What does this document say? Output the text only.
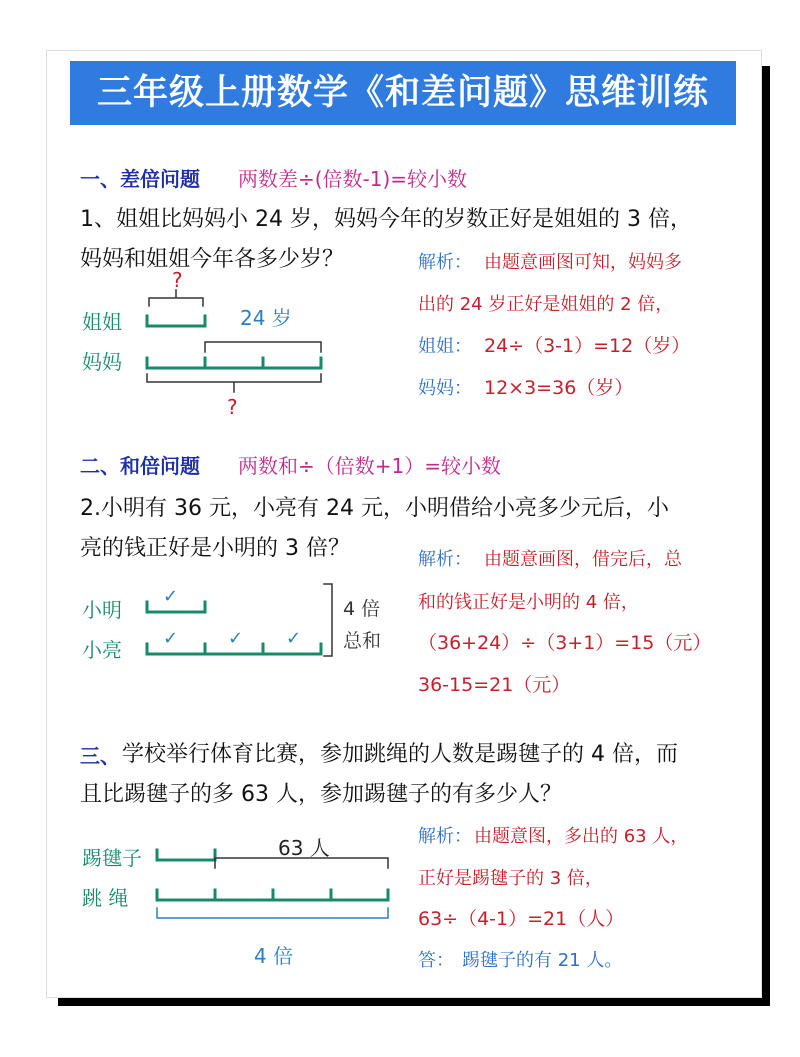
三年级上册数学《和差问题》思维训练
一、差倍问题 两数差÷(倍数-1)=较小数
1、姐姐比妈妈小 24 岁，妈妈今年的岁数正好是姐姐的 3 倍，
妈妈和姐姐今年各多少岁？
?
姐姐	24 岁
妈妈
?
解析： 由题意画图可知，妈妈多
出的 24 岁正好是姐姐的 2 倍，
姐姐： 24÷（3-1）=12（岁）
妈妈： 12×3=36（岁）
二、和倍问题 两数和÷（倍数+1）=较小数
2.小明有 36 元，小亮有 24 元，小明借给小亮多少元后，小
亮的钱正好是小明的 3 倍？
小明
小亮
✓
✓	✓ ✓
4 倍
总和
解析： 由题意画图，借完后，总
和的钱正好是小明的 4 倍，
（36+24）÷（3+1）=15（元）
36-15=21（元）
三、 学校举行体育比赛，参加跳绳的人数是踢毽子的 4 倍，而
且比踢毽子的多 63 人，参加踢毽子的有多少人？
63 人
踢毽子
跳 绳
4 倍
解析： 由题意图，多出的 63 人，
正好是踢毽子的 3 倍，
63÷（4-1）=21（人）
答： 踢毽子的有 21 人。
